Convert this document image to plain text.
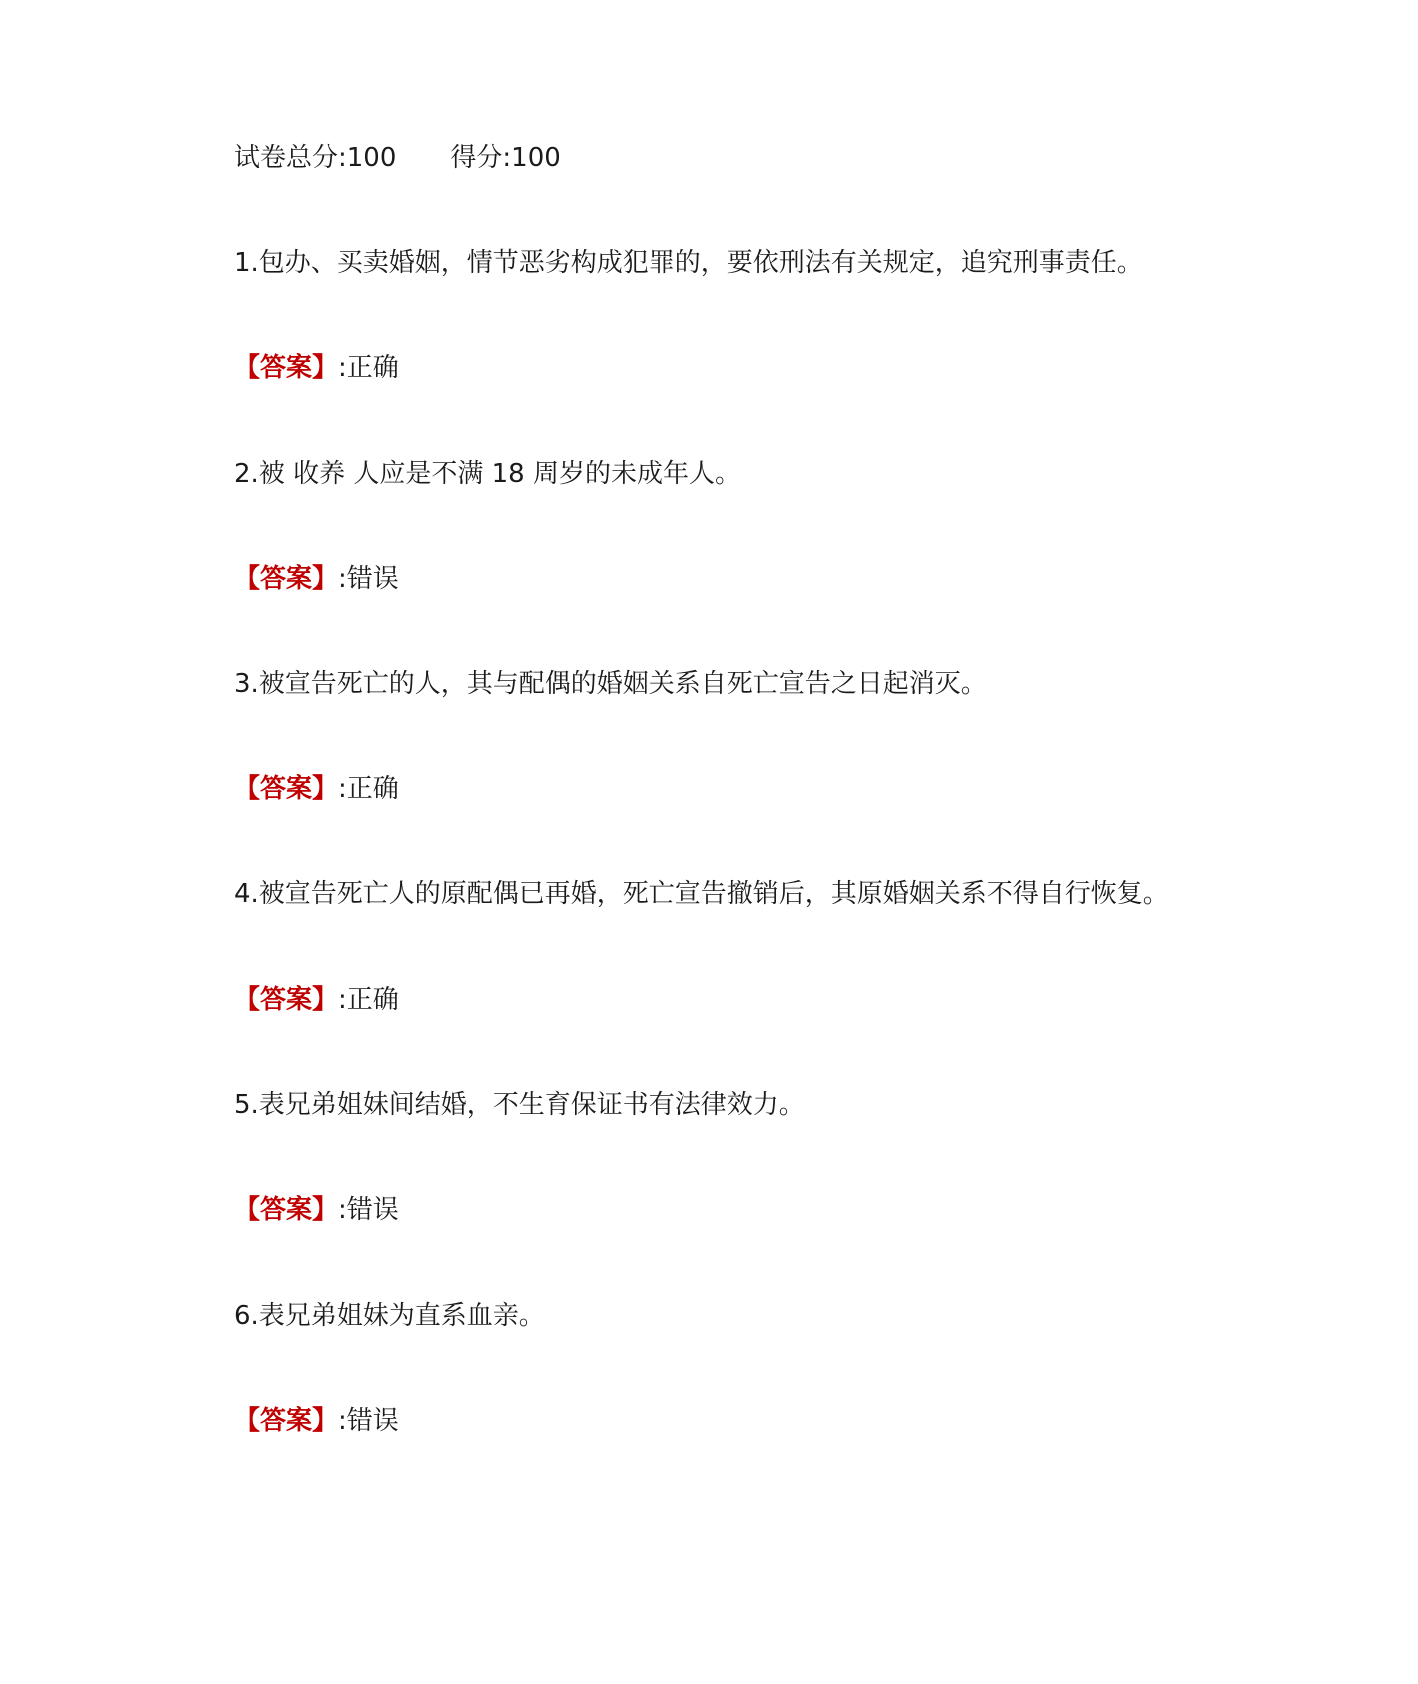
试卷总分:100 得分:100
1.包办、买卖婚姻，情节恶劣构成犯罪的，要依刑法有关规定，追究刑事责任。
【答案】:正确
2.被 收养 人应是不满 18 周岁的未成年人。
【答案】:错误
3.被宣告死亡的人，其与配偶的婚姻关系自死亡宣告之日起消灭。
【答案】:正确
4.被宣告死亡人的原配偶已再婚，死亡宣告撤销后，其原婚姻关系不得自行恢复。
【答案】:正确
5.表兄弟姐妹间结婚，不生育保证书有法律效力。
【答案】:错误
6.表兄弟姐妹为直系血亲。
【答案】:错误
